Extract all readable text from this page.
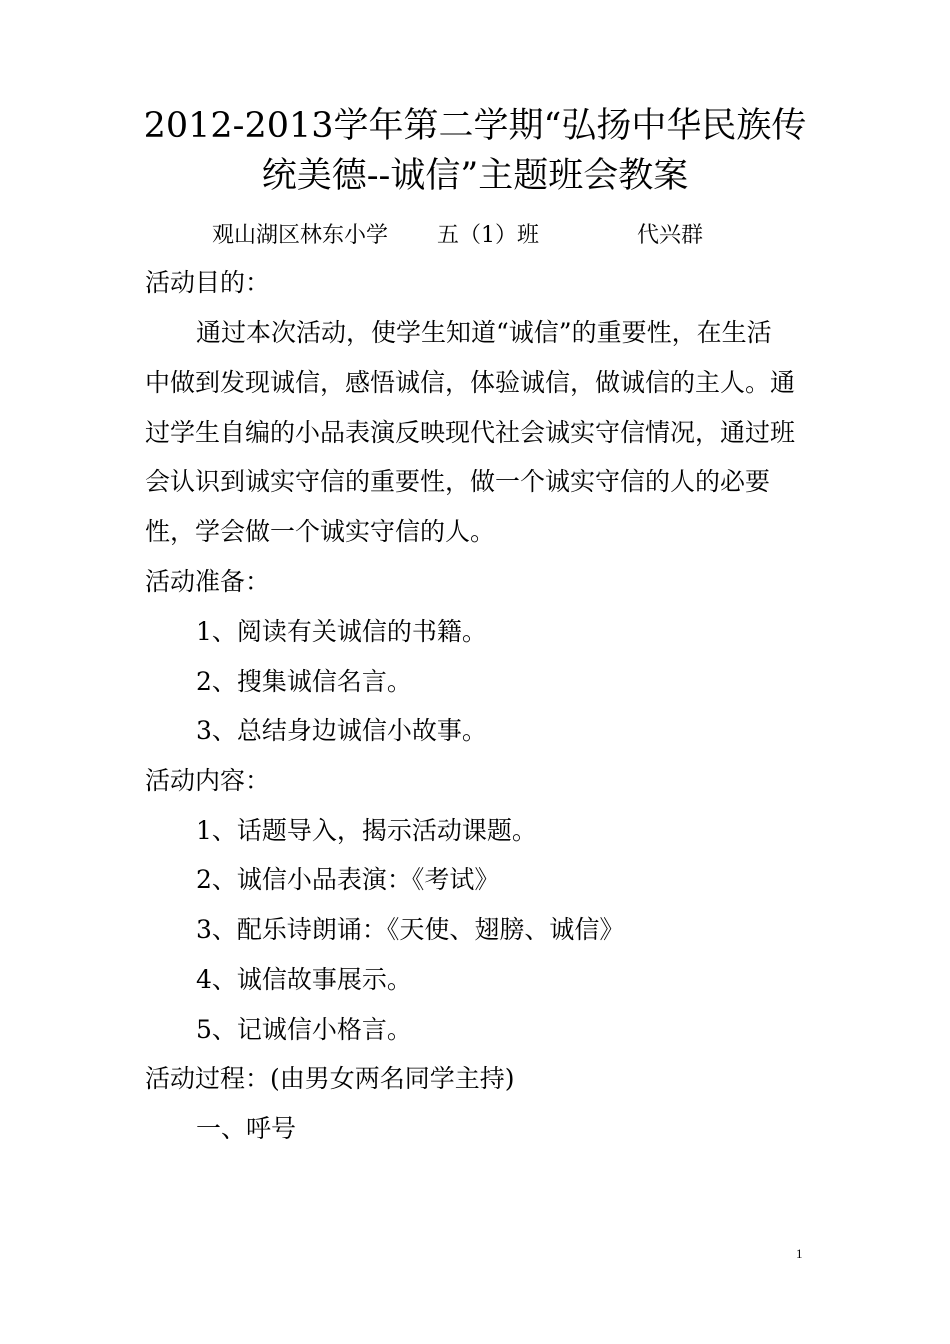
2012-2013学年第二学期“弘扬中华民族传
统美德--诚信”主题班会教案
观山湖区林东小学 五（1）班	代兴群
活动目的：
通过本次活动，使学生知道“诚信”的重要性，在生活
中做到发现诚信，感悟诚信，体验诚信，做诚信的主人。通
过学生自编的小品表演反映现代社会诚实守信情况，通过班
会认识到诚实守信的重要性，做一个诚实守信的人的必要
性，学会做一个诚实守信的人。
活动准备：
1、阅读有关诚信的书籍。
2、搜集诚信名言。
3、总结身边诚信小故事。
活动内容：
1、话题导入，揭示活动课题。
2、诚信小品表演：《考试》
3、配乐诗朗诵：《天使、翅膀、诚信》
4、诚信故事展示。
5、记诚信小格言。
活动过程：(由男女两名同学主持)
一、呼号
1
